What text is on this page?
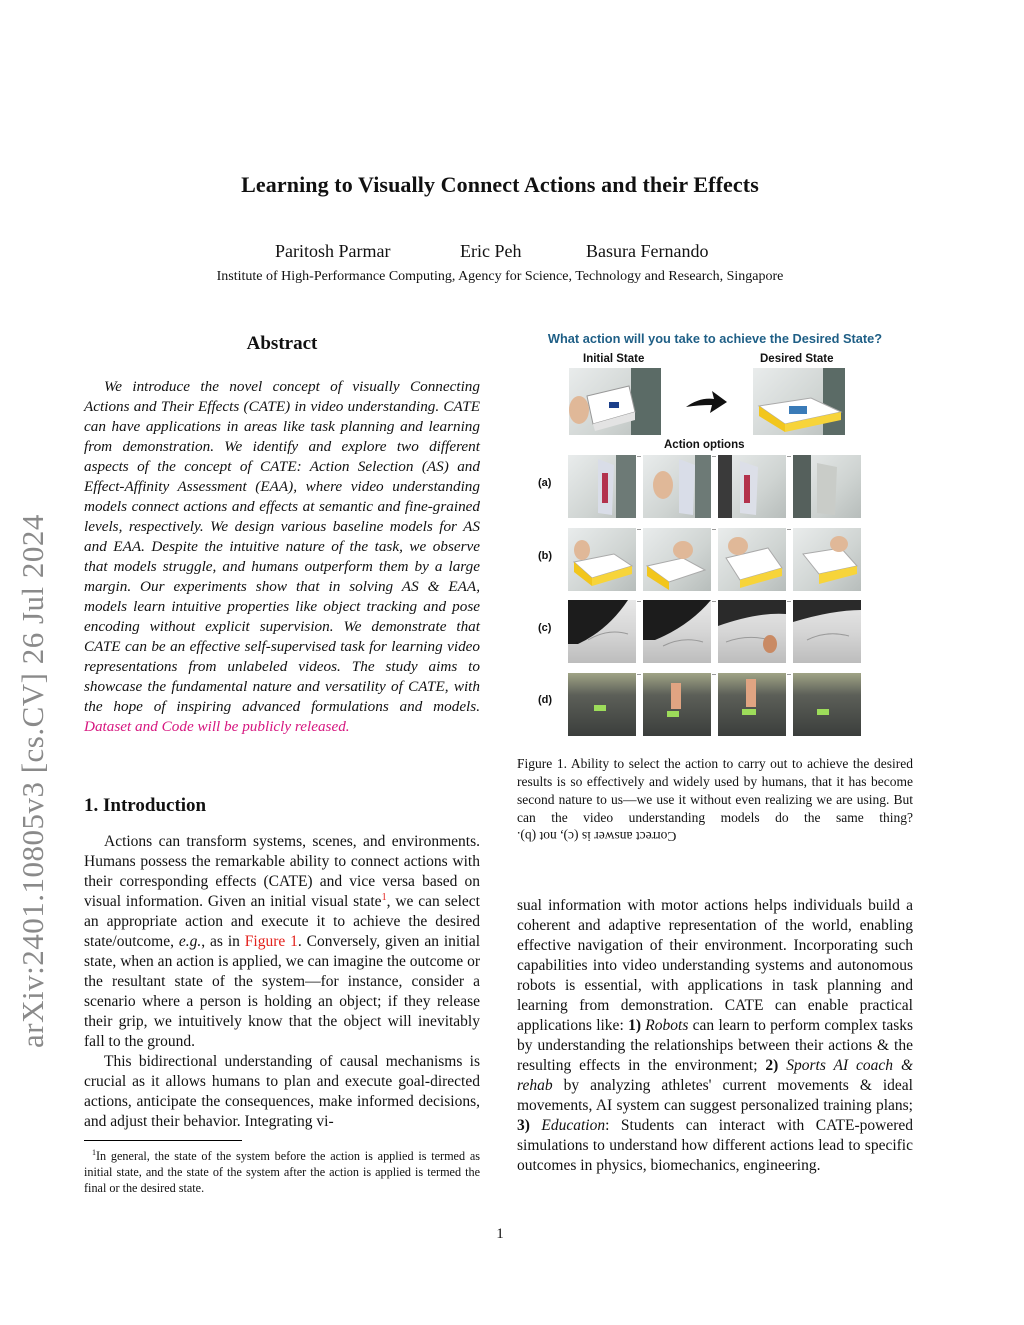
Learning to Visually Connect Actions and their Effects
Paritosh Parmar	Eric Peh	Basura Fernando
Institute of High-Performance Computing, Agency for Science, Technology and Research, Singapore
arXiv:2401.10805v3 [cs.CV] 26 Jul 2024
Abstract

We introduce the novel concept of visually Connecting Actions and Their Effects (CATE) in video understanding. CATE can have applications in areas like task planning and learning from demonstration. We identify and explore two different aspects of the concept of CATE: Action Selection (AS) and Effect-Affinity Assessment (EAA), where video understanding models connect actions and effects at semantic and fine-grained levels, respectively. We design various baseline models for AS and EAA. Despite the intuitive nature of the task, we observe that models struggle, and humans outperform them by a large margin. Our experiments show that in solving AS & EAA, models learn intuitive properties like object tracking and pose encoding without explicit supervision. We demonstrate that CATE can be an effective self-supervised task for learning video representations from unlabeled videos. The study aims to showcase the fundamental nature and versatility of CATE, with the hope of inspiring advanced formulations and models. Dataset and Code will be publicly released.

1. Introduction

Actions can transform systems, scenes, and environments. Humans possess the remarkable ability to connect actions with their corresponding effects (CATE) and vice versa based on visual information. Given an initial visual state$^1$, we can select an appropriate action and execute it to achieve the desired state/outcome, e.g., as in Figure 1. Conversely, given an initial state, when an action is applied, we can imagine the outcome or the resultant state of the system—for instance, consider a scenario where a person is holding an object; if they release their grip, we intuitively know that the object will inevitably fall to the ground.

This bidirectional understanding of causal mechanisms is crucial as it allows humans to plan and execute goal-directed actions, anticipate the consequences, make informed decisions, and adjust their behavior. Integrating vi-

$^1$In general, the state of the system before the action is applied is termed as initial state, and the state of the system after the action is applied is termed the final or the desired state.

sual information with motor actions helps individuals build a coherent and adaptive representation of the world, enabling effective navigation of their environment. Incorporating such capabilities into video understanding systems and autonomous robots is essential, with applications in task planning and learning from demonstration. CATE can enable practical applications like: 1) Robots can learn to perform complex tasks by understanding the relationships between their actions & the resulting effects in the environment; 2) Sports AI coach & rehab by analyzing athletes' current movements & ideal movements, AI system can suggest personalized training plans; 3) Education: Students can interact with CATE-powered simulations to understand how different actions lead to specific outcomes in physics, biomechanics, engineering.

What action will you take to achieve the Desired State?
Initial State	Desired State
Action options
(a)
(b)
(c)
(d)

Figure 1. Ability to select the action to carry out to achieve the desired results is so effectively and widely used by humans, that it has become second nature to us—we use it without even realizing we are using. But can the video understanding models do the same thing? Correct answer is (c), not (b).

1
